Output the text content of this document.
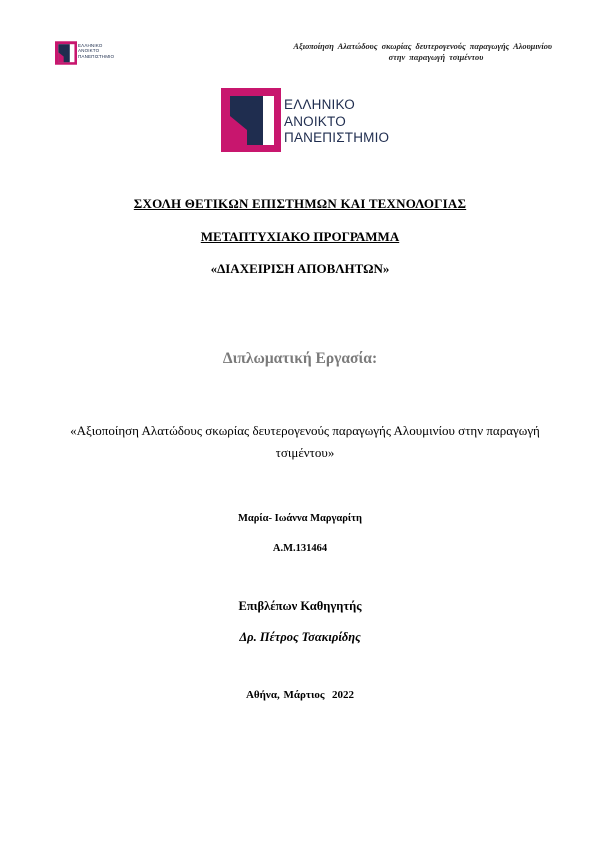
ΕΛΛΗΝΙΚΟ
ΑΝΟΙΚΤΟ
ΠΑΝΕΠΙΣΤΗΜΙΟ
Αξιοποίηση Αλατώδους σκωρίας δευτερογενούς παραγωγής Αλουμινίου

στην παραγωγή τσιμέντου
ΕΛΛΗΝΙΚΟ
ΑΝΟΙΚΤΟ
ΠΑΝΕΠΙΣΤΗΜΙΟ
ΣΧΟΛΗ ΘΕΤΙΚΩΝ ΕΠΙΣΤΗΜΩΝ ΚΑΙ ΤΕΧΝΟΛΟΓΙΑΣ
ΜΕΤΑΠΤΥΧΙΑΚΟ ΠΡΟΓΡΑΜΜΑ
«ΔΙΑΧΕΙΡΙΣΗ ΑΠΟΒΛΗΤΩΝ»
Διπλωματική Εργασία:
«Αξιοποίηση Αλατώδους σκωρίας δευτερογενούς παραγωγής Αλουμινίου στην παραγωγή τσιμέντου»
Μαρία- Ιωάννα Μαργαρίτη
Α.Μ.131464
Επιβλέπων Καθηγητής
Δρ. Πέτρος Τσακιρίδης
Αθήνα, Μάρτιος  2022
